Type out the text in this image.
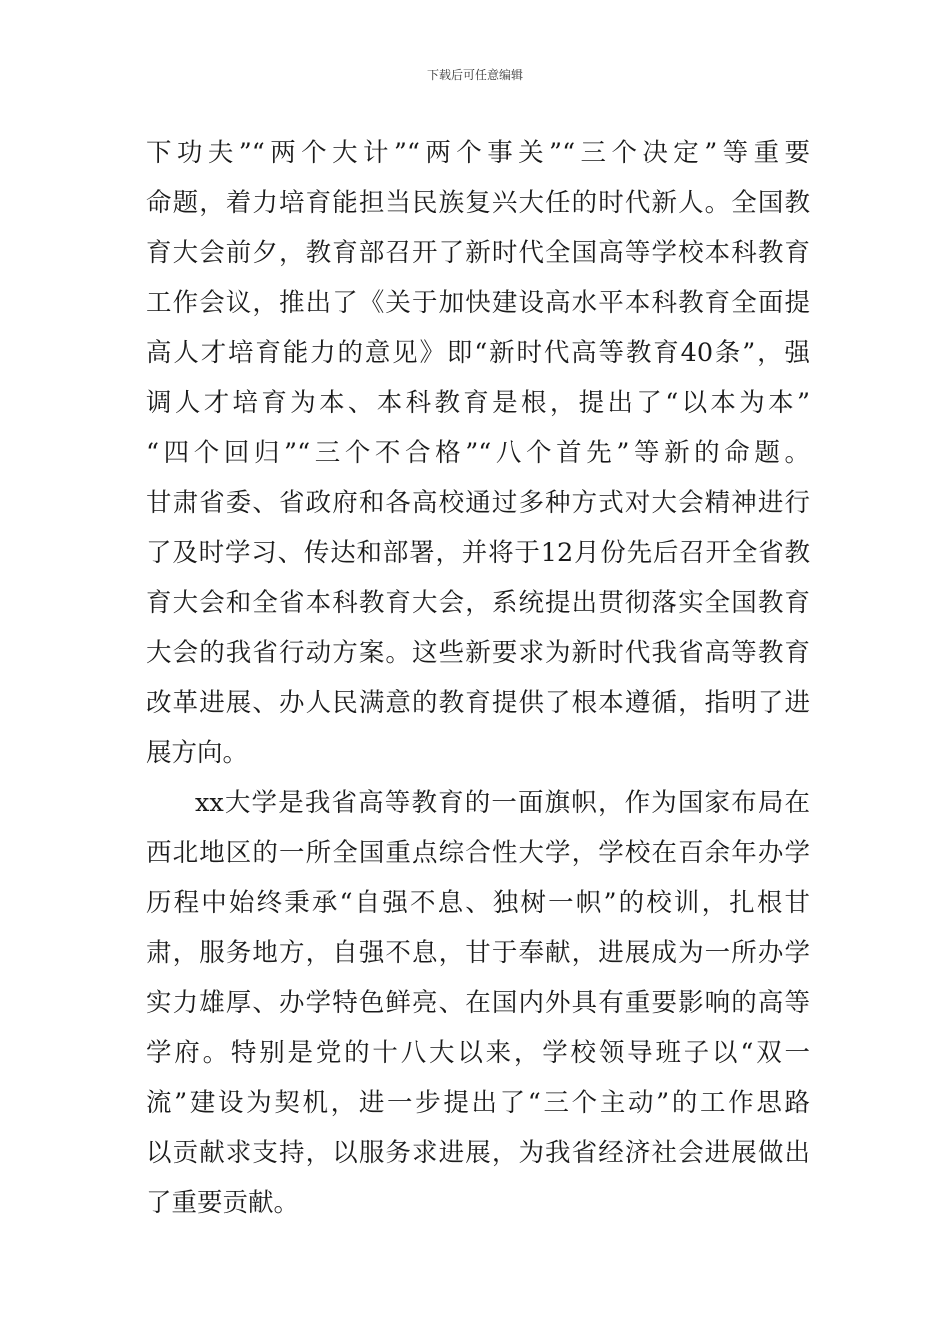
下载后可任意编辑
下功夫”“两个大计”“两个事关”“三个决定”等重要
命题，着力培育能担当民族复兴大任的时代新人。全国教
育大会前夕，教育部召开了新时代全国高等学校本科教育
工作会议，推出了《关于加快建设高水平本科教育全面提
高人才培育能力的意见》即“新时代高等教育40条”，强
调人才培育为本、本科教育是根，提出了“以本为本”
“四个回归”“三个不合格”“八个首先”等新的命题。
甘肃省委、省政府和各高校通过多种方式对大会精神进行
了及时学习、传达和部署，并将于12月份先后召开全省教
育大会和全省本科教育大会，系统提出贯彻落实全国教育
大会的我省行动方案。这些新要求为新时代我省高等教育
改革进展、办人民满意的教育提供了根本遵循，指明了进
展方向。
xx大学是我省高等教育的一面旗帜，作为国家布局在
西北地区的一所全国重点综合性大学，学校在百余年办学
历程中始终秉承“自强不息、独树一帜”的校训，扎根甘
肃，服务地方，自强不息，甘于奉献，进展成为一所办学
实力雄厚、办学特色鲜亮、在国内外具有重要影响的高等
学府。特别是党的十八大以来，学校领导班子以“双一
流”建设为契机，进一步提出了“三个主动”的工作思路
以贡献求支持，以服务求进展，为我省经济社会进展做出
了重要贡献。
